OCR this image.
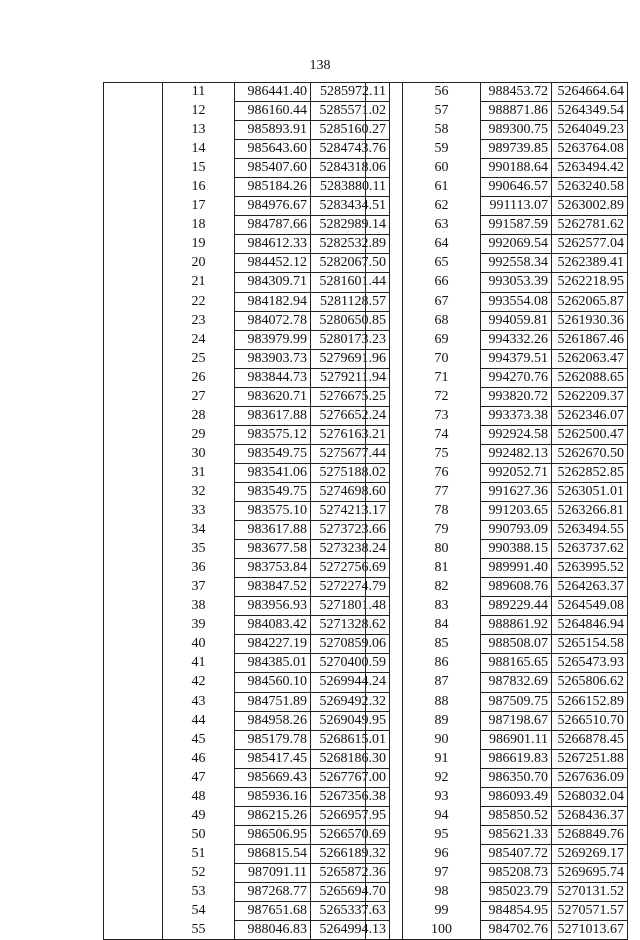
138
	11	986441.40	5285972.11
	12	986160.44	5285571.02
	13	985893.91	5285160.27
	14	985643.60	5284743.76
	15	985407.60	5284318.06
	16	985184.26	5283880.11
	17	984976.67	5283434.51
	18	984787.66	5282989.14
	19	984612.33	5282532.89
	20	984452.12	5282067.50
	21	984309.71	5281601.44
	22	984182.94	5281128.57
	23	984072.78	5280650.85
	24	983979.99	5280173.23
	25	983903.73	5279691.96
	26	983844.73	5279211.94
	27	983620.71	5276675.25
	28	983617.88	5276652.24
	29	983575.12	5276163.21
	30	983549.75	5275677.44
	31	983541.06	5275188.02
	32	983549.75	5274698.60
	33	983575.10	5274213.17
	34	983617.88	5273723.66
	35	983677.58	5273238.24
	36	983753.84	5272756.69
	37	983847.52	5272274.79
	38	983956.93	5271801.48
	39	984083.42	5271328.62
	40	984227.19	5270859.06
	41	984385.01	5270400.59
	42	984560.10	5269944.24
	43	984751.89	5269492.32
	44	984958.26	5269049.95
	45	985179.78	5268615.01
	46	985417.45	5268186.30
	47	985669.43	5267767.00
	48	985936.16	5267356.38
	49	986215.26	5266957.95
	50	986506.95	5266570.69
	51	986815.54	5266189.32
	52	987091.11	5265872.36
	53	987268.77	5265694.70
	54	987651.68	5265337.63
	55	988046.83	5264994.13
	56	988453.72	5264664.64
	57	988871.86	5264349.54
	58	989300.75	5264049.23
	59	989739.85	5263764.08
	60	990188.64	5263494.42
	61	990646.57	5263240.58
	62	991113.07	5263002.89
	63	991587.59	5262781.62
	64	992069.54	5262577.04
	65	992558.34	5262389.41
	66	993053.39	5262218.95
	67	993554.08	5262065.87
	68	994059.81	5261930.36
	69	994332.26	5261867.46
	70	994379.51	5262063.47
	71	994270.76	5262088.65
	72	993820.72	5262209.37
	73	993373.38	5262346.07
	74	992924.58	5262500.47
	75	992482.13	5262670.50
	76	992052.71	5262852.85
	77	991627.36	5263051.01
	78	991203.65	5263266.81
	79	990793.09	5263494.55
	80	990388.15	5263737.62
	81	989991.40	5263995.52
	82	989608.76	5264263.37
	83	989229.44	5264549.08
	84	988861.92	5264846.94
	85	988508.07	5265154.58
	86	988165.65	5265473.93
	87	987832.69	5265806.62
	88	987509.75	5266152.89
	89	987198.67	5266510.70
	90	986901.11	5266878.45
	91	986619.83	5267251.88
	92	986350.70	5267636.09
	93	986093.49	5268032.04
	94	985850.52	5268436.37
	95	985621.33	5268849.76
	96	985407.72	5269269.17
	97	985208.73	5269695.74
	98	985023.79	5270131.52
	99	984854.95	5270571.57
	100	984702.76	5271013.67
